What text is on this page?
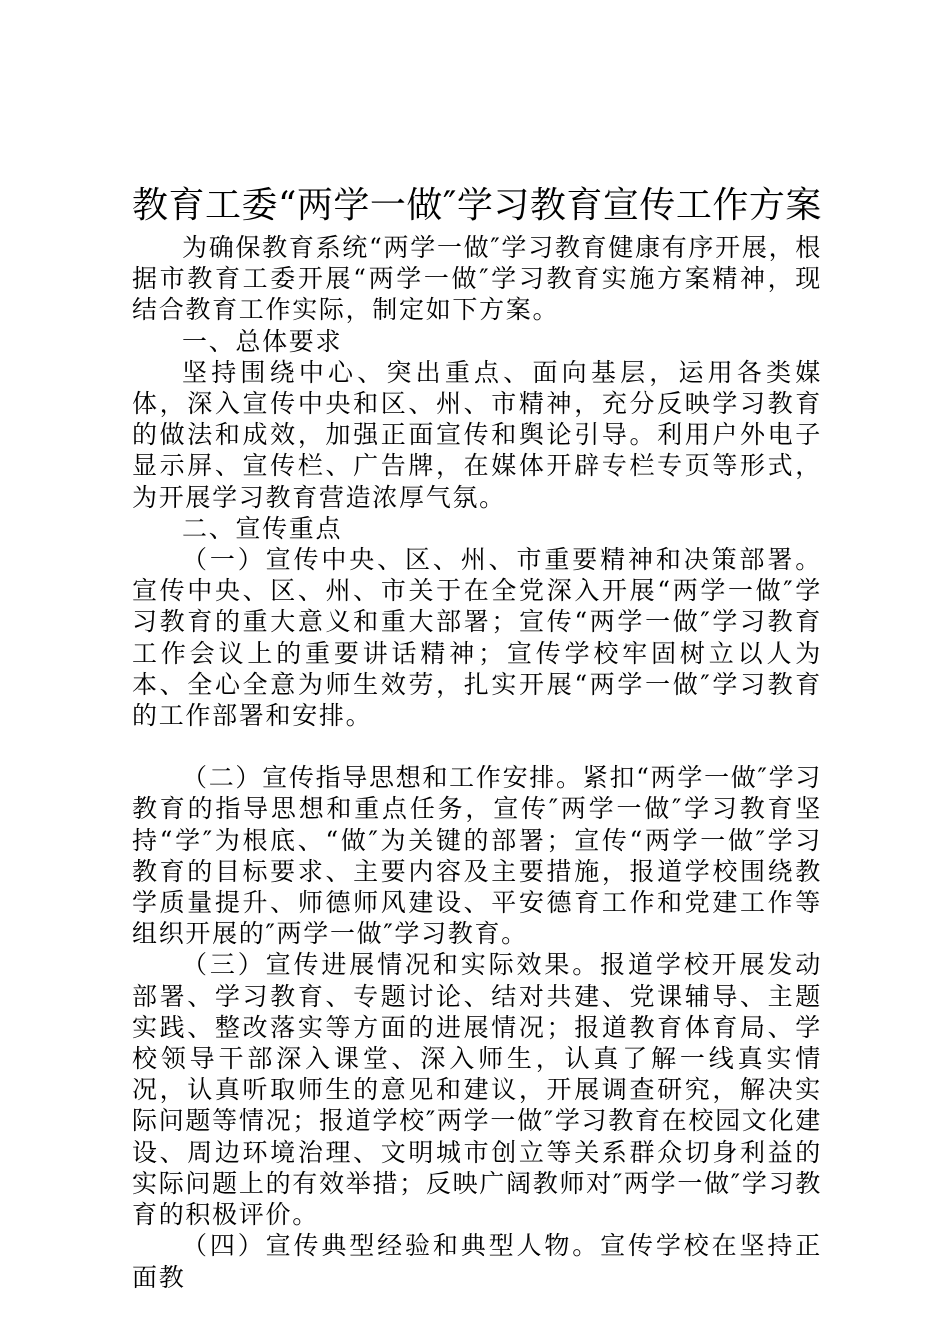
教育工委“两学一做″学习教育宣传工作方案

为确保教育系统“两学一做″学习教育健康有序开展，根据市教育工委开展“两学一做″学习教育实施方案精神，现结合教育工作实际，制定如下方案。

一、总体要求

坚持围绕中心、突出重点、面向基层，运用各类媒体，深入宣传中央和区、州、市精神，充分反映学习教育的做法和成效，加强正面宣传和舆论引导。利用户外电子显示屏、宣传栏、广告牌，在媒体开辟专栏专页等形式，为开展学习教育营造浓厚气氛。

二、宣传重点

（一）宣传中央、区、州、市重要精神和决策部署。宣传中央、区、州、市关于在全党深入开展“两学一做″学习教育的重大意义和重大部署；宣传“两学一做″学习教育工作会议上的重要讲话精神；宣传学校牢固树立以人为本、全心全意为师生效劳，扎实开展“两学一做″学习教育的工作部署和安排。

（二）宣传指导思想和工作安排。紧扣“两学一做″学习教育的指导思想和重点任务，宣传″两学一做″学习教育坚持“学″为根底、“做″为关键的部署；宣传“两学一做″学习教育的目标要求、主要内容及主要措施，报道学校围绕教学质量提升、师德师风建设、平安德育工作和党建工作等组织开展的″两学一做″学习教育。

（三）宣传进展情况和实际效果。报道学校开展发动部署、学习教育、专题讨论、结对共建、党课辅导、主题实践、整改落实等方面的进展情况；报道教育体育局、学校领导干部深入课堂、深入师生，认真了解一线真实情况，认真听取师生的意见和建议，开展调查研究，解决实际问题等情况；报道学校″两学一做″学习教育在校园文化建设、周边环境治理、文明城市创立等关系群众切身利益的实际问题上的有效举措；反映广阔教师对″两学一做″学习教育的积极评价。

（四）宣传典型经验和典型人物。宣传学校在坚持正面教
